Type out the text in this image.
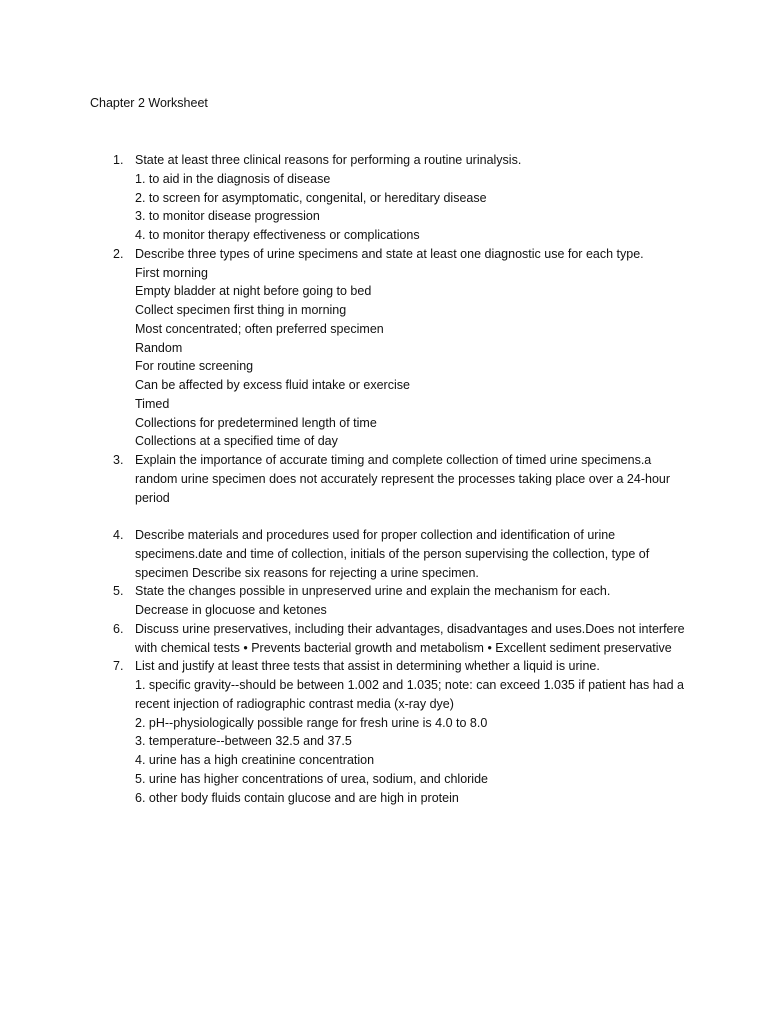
Chapter 2 Worksheet
1. State at least three clinical reasons for performing a routine urinalysis.
1. to aid in the diagnosis of disease
2. to screen for asymptomatic, congenital, or hereditary disease
3. to monitor disease progression
4. to monitor therapy effectiveness or complications
2. Describe three types of urine specimens and state at least one diagnostic use for each type.
First morning
Empty bladder at night before going to bed
Collect specimen first thing in morning
Most concentrated; often preferred specimen
Random
For routine screening
Can be affected by excess fluid intake or exercise
Timed
Collections for predetermined length of time
Collections at a specified time of day
3. Explain the importance of accurate timing and complete collection of timed urine specimens.a random urine specimen does not accurately represent the processes taking place over a 24-hour period
4. Describe materials and procedures used for proper collection and identification of urine specimens.date and time of collection, initials of the person supervising the collection, type of specimen Describe six reasons for rejecting a urine specimen.
5. State the changes possible in unpreserved urine and explain the mechanism for each.
Decrease in glocuose and ketones
6. Discuss urine preservatives, including their advantages, disadvantages and uses.Does not interfere with chemical tests • Prevents bacterial growth and metabolism • Excellent sediment preservative
7. List and justify at least three tests that assist in determining whether a liquid is urine.
1. specific gravity--should be between 1.002 and 1.035; note: can exceed 1.035 if patient has had a recent injection of radiographic contrast media (x-ray dye)
2. pH--physiologically possible range for fresh urine is 4.0 to 8.0
3. temperature--between 32.5 and 37.5
4. urine has a high creatinine concentration
5. urine has higher concentrations of urea, sodium, and chloride
6. other body fluids contain glucose and are high in protein
